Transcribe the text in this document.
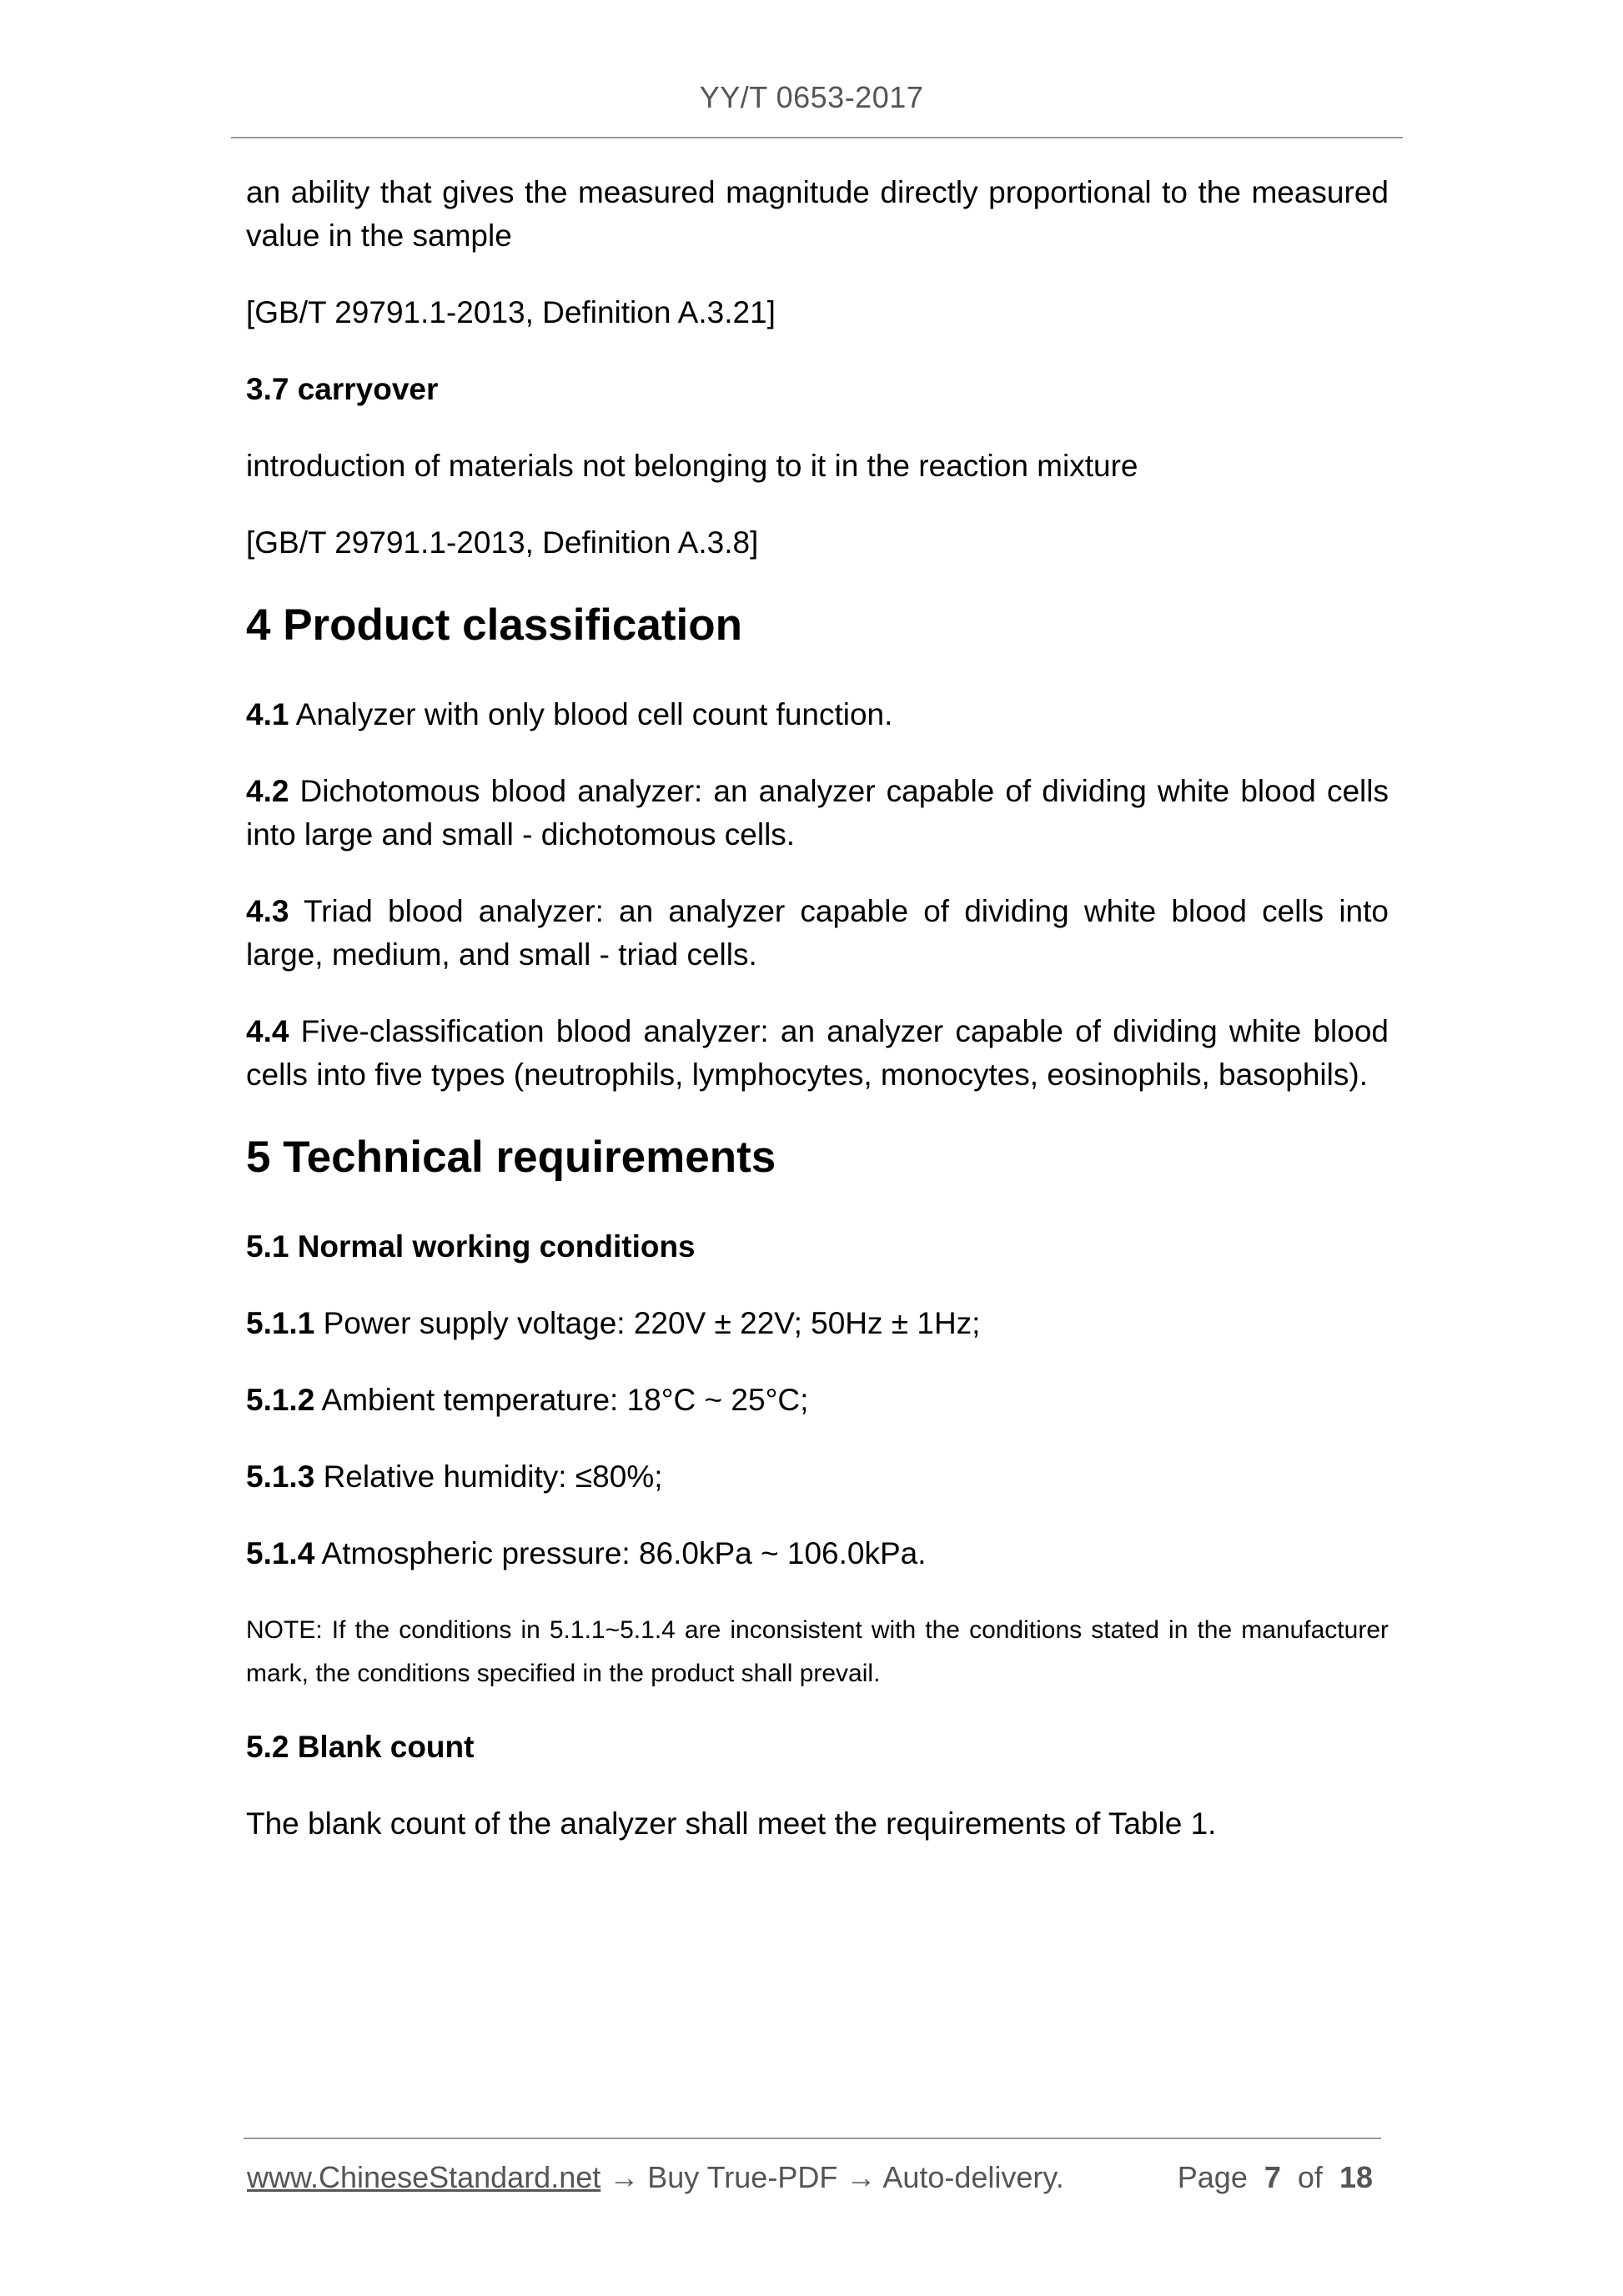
YY/T 0653-2017

an ability that gives the measured magnitude directly proportional to the measured value in the sample

[GB/T 29791.1-2013, Definition A.3.21]

3.7 carryover

introduction of materials not belonging to it in the reaction mixture

[GB/T 29791.1-2013, Definition A.3.8]

4 Product classification

4.1 Analyzer with only blood cell count function.

4.2 Dichotomous blood analyzer: an analyzer capable of dividing white blood cells into large and small - dichotomous cells.

4.3 Triad blood analyzer: an analyzer capable of dividing white blood cells into large, medium, and small - triad cells.

4.4 Five-classification blood analyzer: an analyzer capable of dividing white blood cells into five types (neutrophils, lymphocytes, monocytes, eosinophils, basophils).

5 Technical requirements

5.1 Normal working conditions

5.1.1 Power supply voltage: 220V ± 22V; 50Hz ± 1Hz;

5.1.2 Ambient temperature: 18°C ~ 25°C;

5.1.3 Relative humidity: ≤80%;

5.1.4 Atmospheric pressure: 86.0kPa ~ 106.0kPa.

NOTE: If the conditions in 5.1.1~5.1.4 are inconsistent with the conditions stated in the manufacturer mark, the conditions specified in the product shall prevail.

5.2 Blank count

The blank count of the analyzer shall meet the requirements of Table 1.

www.ChineseStandard.net → Buy True-PDF → Auto-delivery.	Page 7 of 18
